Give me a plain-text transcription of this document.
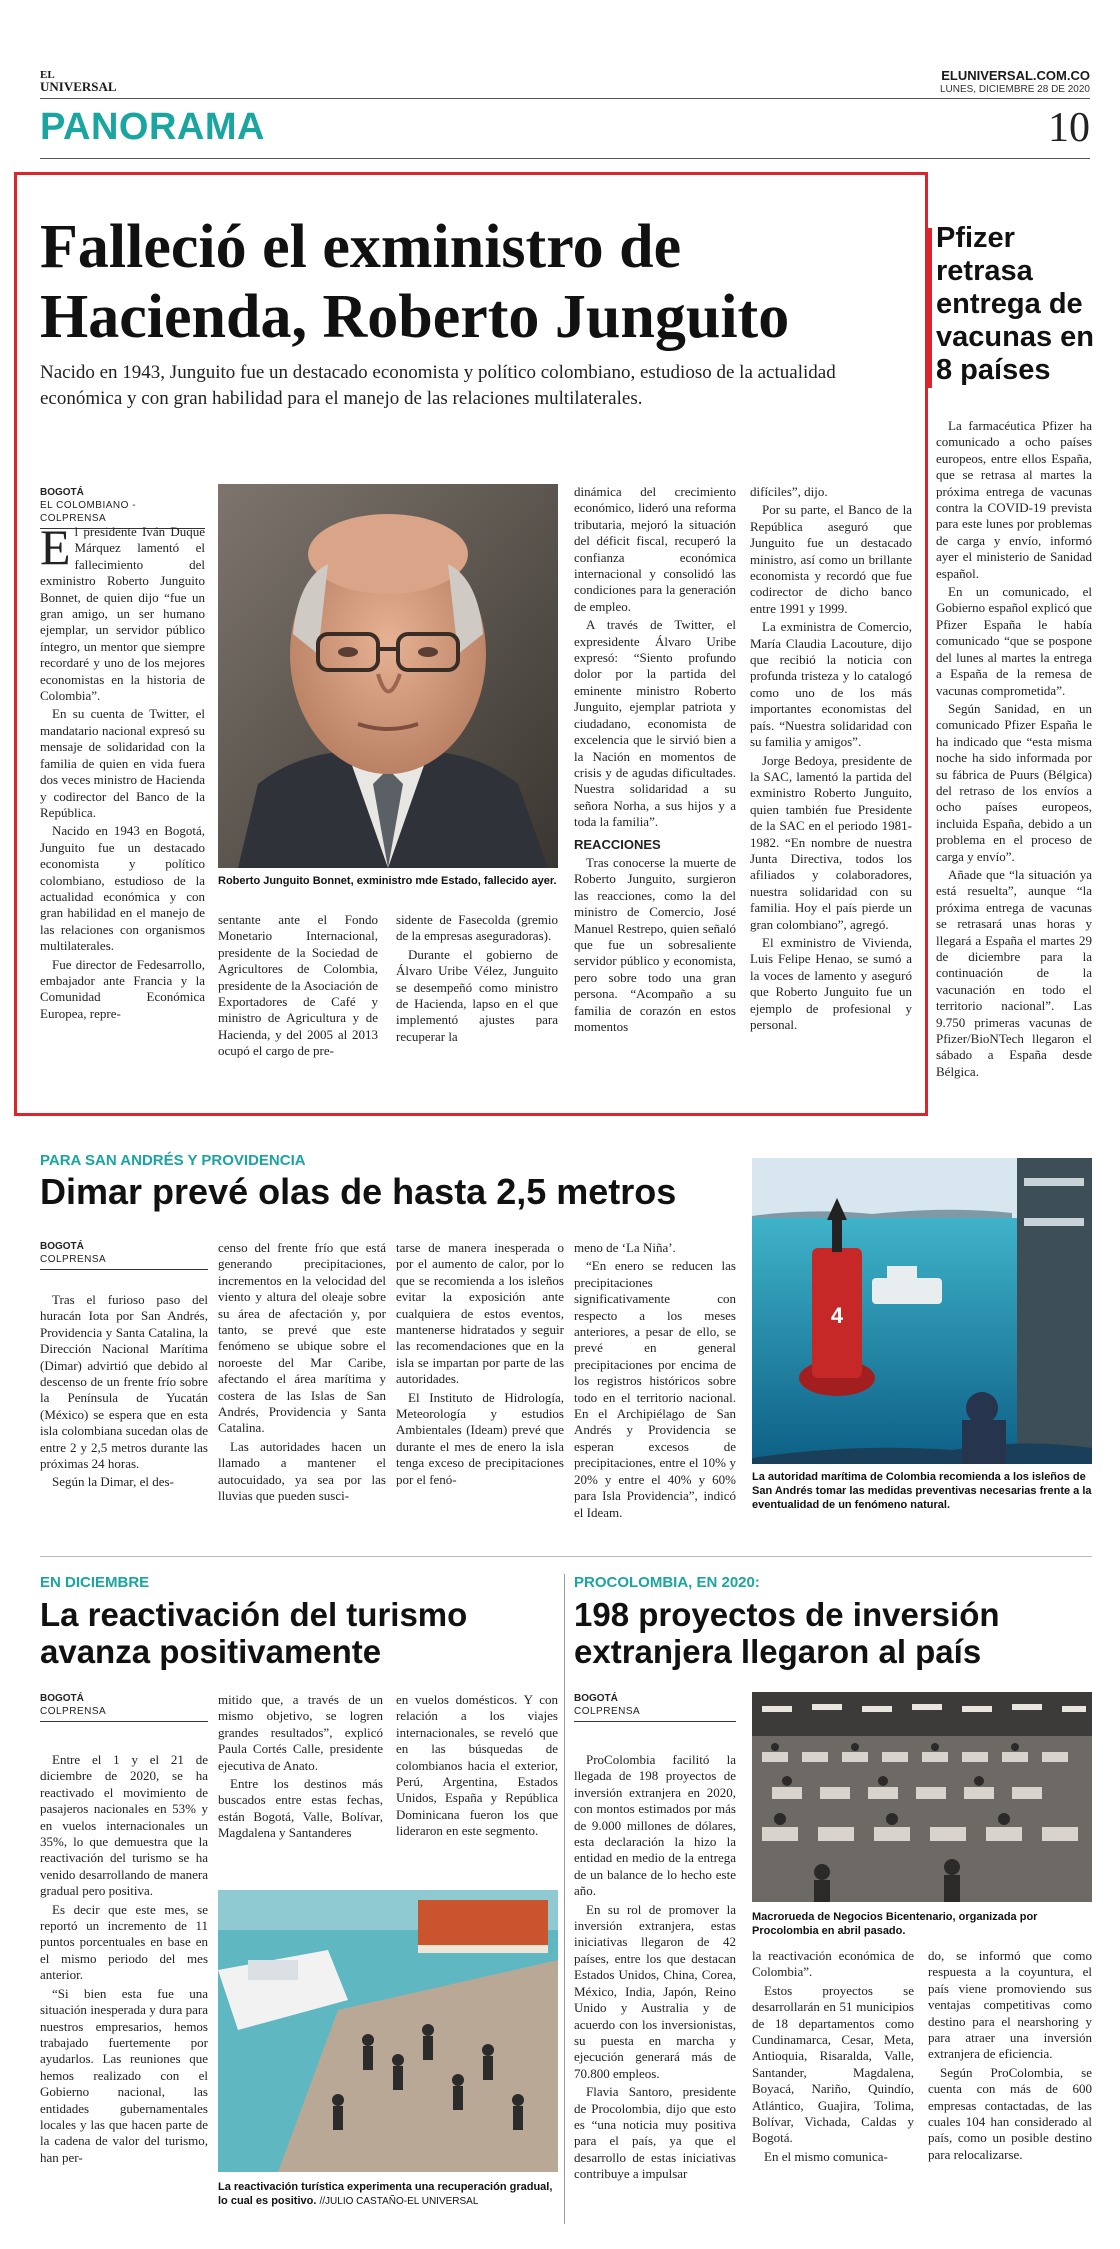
EL
UNIVERSAL
ELUNIVERSAL.COM.CO
LUNES, DICIEMBRE 28 DE 2020
PANORAMA	10
Falleció el exministro de
Hacienda, Roberto Junguito
Nacido en 1943, Junguito fue un destacado economista y político colombiano, estudioso de la actualidad económica y con gran habilidad para el manejo de las relaciones multilaterales.
BOGOTÁ
EL COLOMBIANO - COLPRENSA

El presidente Iván Duque Márquez lamentó el fallecimiento del exministro Roberto Junguito Bonnet, de quien dijo “fue un gran amigo, un ser humano ejemplar, un servidor público íntegro, un mentor que siempre recordaré y uno de los mejores economistas en la historia de Colombia”.

En su cuenta de Twitter, el mandatario nacional expresó su mensaje de solidaridad con la familia de quien en vida fuera dos veces ministro de Hacienda y codirector del Banco de la República.

Nacido en 1943 en Bogotá, Junguito fue un destacado economista y político colombiano, estudioso de la actualidad económica y con gran habilidad en el manejo de las relaciones con organismos multilaterales.

Fue director de Fedesarrollo, embajador ante Francia y la Comunidad Económica Europea, repre-

Roberto Junguito Bonnet, exministro mde Estado, fallecido ayer.

sentante ante el Fondo Monetario Internacional, presidente de la Sociedad de Agricultores de Colombia, presidente de la Asociación de Exportadores de Café y ministro de Agricultura y de Hacienda, y del 2005 al 2013 ocupó el cargo de pre-

sidente de Fasecolda (gremio de la empresas aseguradoras).

Durante el gobierno de Álvaro Uribe Vélez, Junguito se desempeñó como ministro de Hacienda, lapso en el que implementó ajustes para recuperar la

dinámica del crecimiento económico, lideró una reforma tributaria, mejoró la situación del déficit fiscal, recuperó la confianza económica internacional y consolidó las condiciones para la generación de empleo.

A través de Twitter, el expresidente Álvaro Uribe expresó: “Siento profundo dolor por la partida del eminente ministro Roberto Junguito, ejemplar patriota y ciudadano, economista de excelencia que le sirvió bien a la Nación en momentos de crisis y de agudas dificultades. Nuestra solidaridad a su señora Norha, a sus hijos y a toda la familia”.

REACCIONES

Tras conocerse la muerte de Roberto Junguito, surgieron las reacciones, como la del ministro de Comercio, José Manuel Restrepo, quien señaló que fue un sobresaliente servidor público y economista, pero sobre todo una gran persona. “Acompaño a su familia de corazón en estos momentos

difíciles”, dijo.

Por su parte, el Banco de la República aseguró que Junguito fue un destacado ministro, así como un brillante economista y recordó que fue codirector de dicho banco entre 1991 y 1999.

La exministra de Comercio, María Claudia Lacouture, dijo que recibió la noticia con profunda tristeza y lo catalogó como uno de los más importantes economistas del país. “Nuestra solidaridad con su familia y amigos”.

Jorge Bedoya, presidente de la SAC, lamentó la partida del exministro Roberto Junguito, quien también fue Presidente de la SAC en el periodo 1981-1982. “En nombre de nuestra Junta Directiva, todos los afiliados y colaboradores, nuestra solidaridad con su familia. Hoy el país pierde un gran colombiano”, agregó.

El exministro de Vivienda, Luis Felipe Henao, se sumó a la voces de lamento y aseguró que Roberto Junguito fue un ejemplo de profesional y personal.

Pfizer retrasa entrega de vacunas en 8 países

La farmacéutica Pfizer ha comunicado a ocho países europeos, entre ellos España, que se retrasa al martes la próxima entrega de vacunas contra la COVID-19 prevista para este lunes por problemas de carga y envío, informó ayer el ministerio de Sanidad español.

En un comunicado, el Gobierno español explicó que Pfizer España le había comunicado “que se pospone del lunes al martes la entrega a España de la remesa de vacunas comprometida”.

Según Sanidad, en un comunicado Pfizer España le ha indicado que “esta misma noche ha sido informada por su fábrica de Puurs (Bélgica) del retraso de los envíos a ocho países europeos, incluida España, debido a un problema en el proceso de carga y envío”.

Añade que “la situación ya está resuelta”, aunque “la próxima entrega de vacunas se retrasará unas horas y llegará a España el martes 29 de diciembre para la continuación de la vacunación en todo el territorio nacional”. Las 9.750 primeras vacunas de Pfizer/BioNTech llegaron el sábado a España desde Bélgica.

PARA SAN ANDRÉS Y PROVIDENCIA
Dimar prevé olas de hasta 2,5 metros
BOGOTÁ
COLPRENSA

Tras el furioso paso del huracán Iota por San Andrés, Providencia y Santa Catalina, la Dirección Nacional Marítima (Dimar) advirtió que debido al descenso de un frente frío sobre la Península de Yucatán (México) se espera que en esta isla colombiana sucedan olas de entre 2 y 2,5 metros durante las próximas 24 horas.

Según la Dimar, el des-

censo del frente frío que está generando precipitaciones, incrementos en la velocidad del viento y altura del oleaje sobre su área de afectación y, por tanto, se prevé que este fenómeno se ubique sobre el noroeste del Mar Caribe, afectando el área marítima y costera de las Islas de San Andrés, Providencia y Santa Catalina.

Las autoridades hacen un llamado a mantener el autocuidado, ya sea por las lluvias que pueden susci-

tarse de manera inesperada o por el aumento de calor, por lo que se recomienda a los isleños evitar la exposición ante cualquiera de estos eventos, mantenerse hidratados y seguir las recomendaciones que en la isla se impartan por parte de las autoridades.

El Instituto de Hidrología, Meteorología y estudios Ambientales (Ideam) prevé que durante el mes de enero la isla tenga exceso de precipitaciones por el fenó-

meno de ‘La Niña’.

“En enero se reducen las precipitaciones significativamente con respecto a los meses anteriores, a pesar de ello, se prevé en general precipitaciones por encima de los registros históricos sobre todo en el territorio nacional. En el Archipiélago de San Andrés y Providencia se esperan excesos de precipitaciones, entre el 10% y 20% y entre el 40% y 60% para Isla Providencia”, indicó el Ideam.

4
La autoridad marítima de Colombia recomienda a los isleños de San Andrés tomar las medidas preventivas necesarias frente a la eventualidad de un fenómeno natural.
EN DICIEMBRE
La reactivación del turismo
avanza positivamente
BOGOTÁ
COLPRENSA

Entre el 1 y el 21 de diciembre de 2020, se ha reactivado el movimiento de pasajeros nacionales en 53% y en vuelos internacionales un 35%, lo que demuestra que la reactivación del turismo se ha venido desarrollando de manera gradual pero positiva.

Es decir que este mes, se reportó un incremento de 11 puntos porcentuales en base en el mismo periodo del mes anterior.

“Si bien esta fue una situación inesperada y dura para nuestros empresarios, hemos trabajado fuertemente por ayudarlos. Las reuniones que hemos realizado con el Gobierno nacional, las entidades gubernamentales locales y las que hacen parte de la cadena de valor del turismo, han per-

mitido que, a través de un mismo objetivo, se logren grandes resultados”, explicó Paula Cortés Calle, presidente ejecutiva de Anato.

Entre los destinos más buscados entre estas fechas, están Bogotá, Valle, Bolívar, Magdalena y Santanderes

en vuelos domésticos. Y con relación a los viajes internacionales, se reveló que en las búsquedas de colombianos hacia el exterior, Perú, Argentina, Estados Unidos, España y República Dominicana fueron los que lideraron en este segmento.

La reactivación turística experimenta una recuperación gradual, lo cual es positivo. //JULIO CASTAÑO-EL UNIVERSAL
PROCOLOMBIA, EN 2020:
198 proyectos de inversión
extranjera llegaron al país
BOGOTÁ
COLPRENSA

ProColombia facilitó la llegada de 198 proyectos de inversión extranjera en 2020, con montos estimados por más de 9.000 millones de dólares, esta declaración la hizo la entidad en medio de la entrega de un balance de lo hecho este año.

En su rol de promover la inversión extranjera, estas iniciativas llegaron de 42 países, entre los que destacan Estados Unidos, China, Corea, México, India, Japón, Reino Unido y Australia y de acuerdo con los inversionistas, su puesta en marcha y ejecución generará más de 70.800 empleos.

Flavia Santoro, presidente de Procolombia, dijo que esto es “una noticia muy positiva para el país, ya que el desarrollo de estas iniciativas contribuye a impulsar

Macrorueda de Negocios Bicentenario, organizada por Procolombia en abril pasado.

la reactivación económica de Colombia”.

Estos proyectos se desarrollarán en 51 municipios de 18 departamentos como Cundinamarca, Cesar, Meta, Antioquia, Risaralda, Valle, Santander, Magdalena, Boyacá, Nariño, Quindío, Atlántico, Guajira, Tolima, Bolívar, Vichada, Caldas y Bogotá.

En el mismo comunica-

do, se informó que como respuesta a la coyuntura, el país viene promoviendo sus ventajas competitivas como destino para el nearshoring y para atraer una inversión extranjera de eficiencia.

Según ProColombia, se cuenta con más de 600 empresas contactadas, de las cuales 104 han considerado al país, como un posible destino para relocalizarse.
